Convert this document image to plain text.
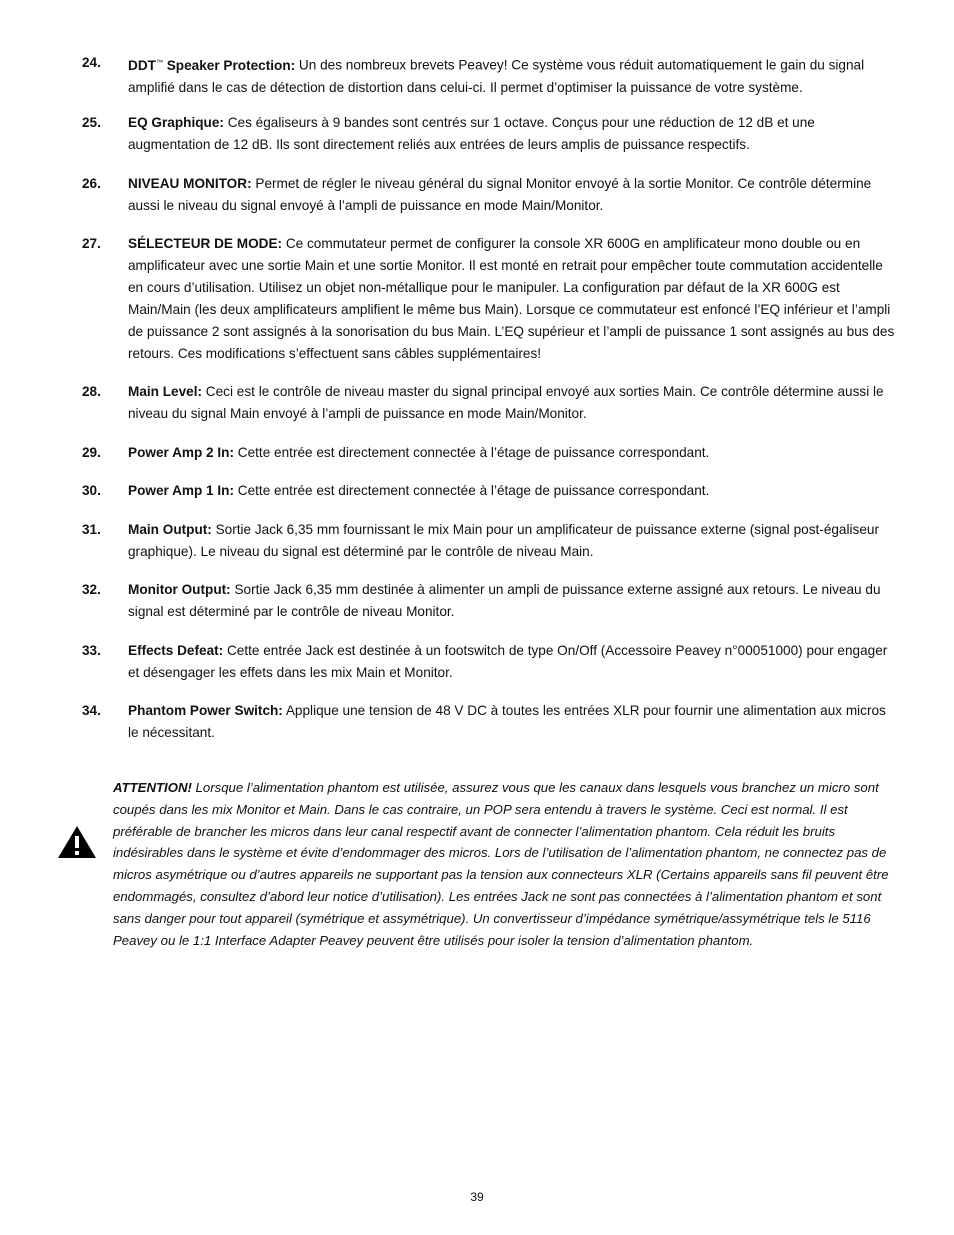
24. DDT™ Speaker Protection: Un des nombreux brevets Peavey! Ce système vous réduit automatiquement le gain du signal amplifié dans le cas de détection de distortion dans celui-ci. Il permet d’optimiser la puissance de votre système.
25. EQ Graphique: Ces égaliseurs à 9 bandes sont centrés sur 1 octave. Conçus pour une réduction de 12 dB et une augmentation de 12 dB. Ils sont directement reliés aux entrées de leurs amplis de puissance respectifs.
26. NIVEAU MONITOR: Permet de régler le niveau général du signal Monitor envoyé à la sortie Monitor. Ce contrôle détermine aussi le niveau du signal envoyé à l’ampli de puissance en mode Main/Monitor.
27. SÉLECTEUR DE MODE: Ce commutateur permet de configurer la console XR 600G en amplificateur mono double ou en amplificateur avec une sortie Main et une sortie Monitor. Il est monté en retrait pour empêcher toute commutation accidentelle en cours d’utilisation. Utilisez un objet non-métallique pour le manipuler. La configuration par défaut de la XR 600G est Main/Main (les deux amplificateurs amplifient le même bus Main). Lorsque ce commutateur est enfoncé l’EQ inférieur et l’ampli de puissance 2 sont assignés à la sonorisation du bus Main. L’EQ supérieur et l’ampli de puissance 1 sont assignés au bus des retours. Ces modifications s’effectuent sans câbles supplémentaires!
28. Main Level: Ceci est le contrôle de niveau master du signal principal envoyé aux sorties Main. Ce contrôle détermine aussi le niveau du signal Main envoyé à l’ampli de puissance en mode Main/Monitor.
29. Power Amp 2 In: Cette entrée est directement connectée à l’étage de puissance correspondant.
30. Power Amp 1 In: Cette entrée est directement connectée à l’étage de puissance correspondant.
31. Main Output: Sortie Jack 6,35 mm fournissant le mix Main pour un amplificateur de puissance externe (signal post-égaliseur graphique). Le niveau du signal est déterminé par le contrôle de niveau Main.
32. Monitor Output: Sortie Jack 6,35 mm destinée à alimenter un ampli de puissance externe assigné aux retours. Le niveau du signal est déterminé par le contrôle de niveau Monitor.
33. Effects Defeat: Cette entrée Jack est destinée à un footswitch de type On/Off (Accessoire Peavey n°00051000) pour engager et désengager les effets dans les mix Main et Monitor.
34. Phantom Power Switch: Applique une tension de 48 V DC à toutes les entrées XLR pour fournir une alimentation aux micros le nécessitant.
ATTENTION! Lorsque l’alimentation phantom est utilisée, assurez vous que les canaux dans lesquels vous branchez un micro sont coupés dans les mix Monitor et Main. Dans le cas contraire, un POP sera entendu à travers le système. Ceci est normal. Il est préférable de brancher les micros dans leur canal respectif avant de connecter l’alimentation phantom. Cela réduit les bruits indésirables dans le système et évite d’endommager des micros. Lors de l’utilisation de l’alimentation phantom, ne connectez pas de micros asymétrique ou d’autres appareils ne supportant pas la tension aux connecteurs XLR (Certains appareils sans fil peuvent être endommagés, consultez d’abord leur notice d’utilisation). Les entrées Jack ne sont pas connectées à l’alimentation phantom et sont sans danger pour tout appareil (symétrique et assymétrique). Un convertisseur d’impédance symétrique/assymétrique tels le 5116 Peavey ou le 1:1 Interface Adapter Peavey peuvent être utilisés pour isoler la tension d’alimentation phantom.
39
